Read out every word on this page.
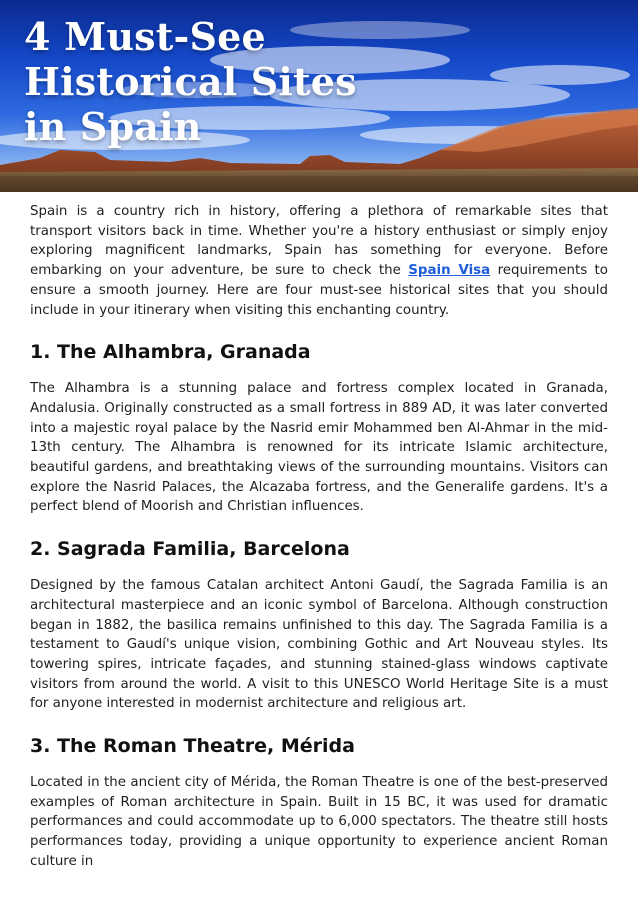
4 Must-See
Historical Sites
in Spain

Spain is a country rich in history, offering a plethora of remarkable sites that transport visitors back in time. Whether you're a history enthusiast or simply enjoy exploring magnificent landmarks, Spain has something for everyone. Before embarking on your adventure, be sure to check the Spain Visa requirements to ensure a smooth journey. Here are four must-see historical sites that you should include in your itinerary when visiting this enchanting country.

1. The Alhambra, Granada

The Alhambra is a stunning palace and fortress complex located in Granada, Andalusia. Originally constructed as a small fortress in 889 AD, it was later converted into a majestic royal palace by the Nasrid emir Mohammed ben Al-Ahmar in the mid-13th century. The Alhambra is renowned for its intricate Islamic architecture, beautiful gardens, and breathtaking views of the surrounding mountains. Visitors can explore the Nasrid Palaces, the Alcazaba fortress, and the Generalife gardens. It's a perfect blend of Moorish and Christian influences.

2. Sagrada Familia, Barcelona

Designed by the famous Catalan architect Antoni Gaudí, the Sagrada Familia is an architectural masterpiece and an iconic symbol of Barcelona. Although construction began in 1882, the basilica remains unfinished to this day. The Sagrada Familia is a testament to Gaudí's unique vision, combining Gothic and Art Nouveau styles. Its towering spires, intricate façades, and stunning stained-glass windows captivate visitors from around the world. A visit to this UNESCO World Heritage Site is a must for anyone interested in modernist architecture and religious art.

3. The Roman Theatre, Mérida

Located in the ancient city of Mérida, the Roman Theatre is one of the best-preserved examples of Roman architecture in Spain. Built in 15 BC, it was used for dramatic performances and could accommodate up to 6,000 spectators. The theatre still hosts performances today, providing a unique opportunity to experience ancient Roman culture in
